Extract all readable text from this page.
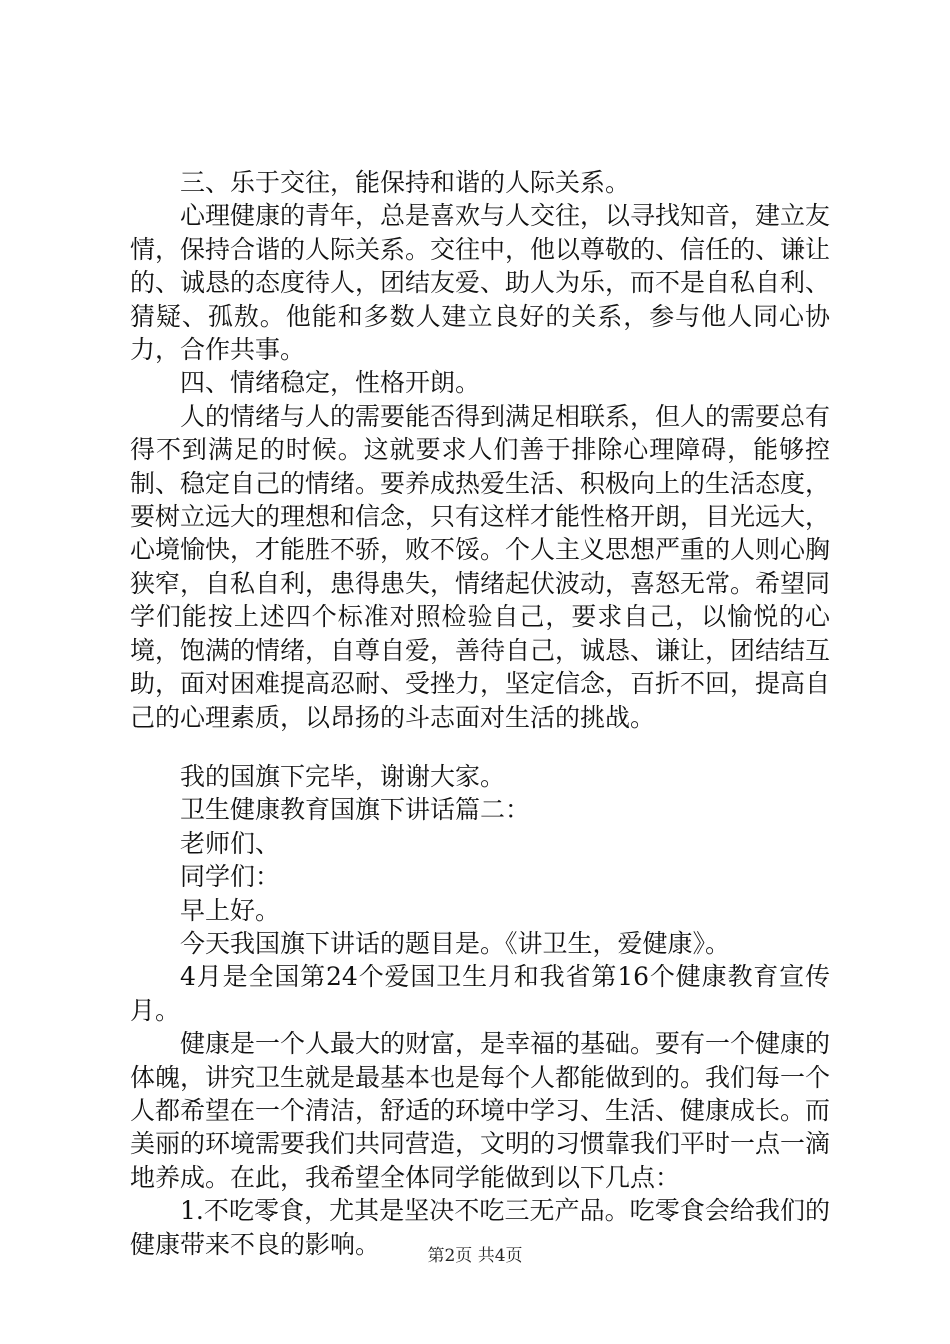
三、乐于交往，能保持和谐的人际关系。

心理健康的青年，总是喜欢与人交往，以寻找知音，建立友情，保持合谐的人际关系。交往中，他以尊敬的、信任的、谦让的、诚恳的态度待人，团结友爱、助人为乐，而不是自私自利、猜疑、孤敖。他能和多数人建立良好的关系，参与他人同心协力，合作共事。

四、情绪稳定，性格开朗。

人的情绪与人的需要能否得到满足相联系，但人的需要总有得不到满足的时候。这就要求人们善于排除心理障碍，能够控制、稳定自己的情绪。要养成热爱生活、积极向上的生活态度，要树立远大的理想和信念，只有这样才能性格开朗，目光远大，心境愉快，才能胜不骄，败不馁。个人主义思想严重的人则心胸狭窄，自私自利，患得患失，情绪起伏波动，喜怒无常。希望同学们能按上述四个标准对照检验自己，要求自己，以愉悦的心境，饱满的情绪，自尊自爱，善待自己，诚恳、谦让，团结结互助，面对困难提高忍耐、受挫力，坚定信念，百折不回，提高自己的心理素质，以昂扬的斗志面对生活的挑战。

我的国旗下完毕，谢谢大家。

卫生健康教育国旗下讲话篇二：

老师们、

同学们：

早上好。

今天我国旗下讲话的题目是。《讲卫生，爱健康》。

4月是全国第24个爱国卫生月和我省第16个健康教育宣传月。

健康是一个人最大的财富，是幸福的基础。要有一个健康的体魄，讲究卫生就是最基本也是每个人都能做到的。我们每一个人都希望在一个清洁，舒适的环境中学习、生活、健康成长。而美丽的环境需要我们共同营造，文明的习惯靠我们平时一点一滴地养成。在此，我希望全体同学能做到以下几点：

1.不吃零食，尤其是坚决不吃三无产品。吃零食会给我们的健康带来不良的影响。	第2页 共4页
